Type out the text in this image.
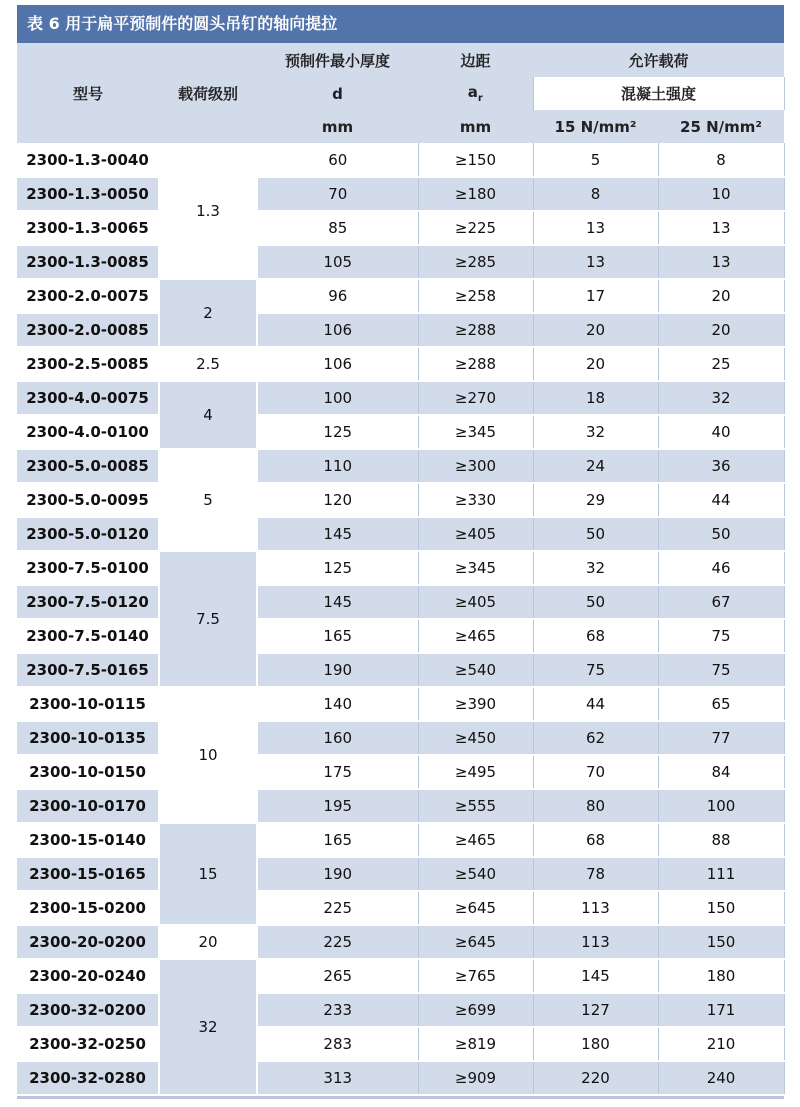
表 6 用于扁平预制件的圆头吊钉的轴向提拉
型号	载荷级别	预制件最小厚度	边距	允许载荷	
		d	$a_r$	混凝土强度	
		mm	mm	15 N/mm²	25 N/mm²
2300-1.3-0040	1.3	60	≥150	5	8
2300-1.3-0050		70	≥180	8	10
2300-1.3-0065		85	≥225	13	13
2300-1.3-0085		105	≥285	13	13
2300-2.0-0075	2	96	≥258	17	20
2300-2.0-0085		106	≥288	20	20
2300-2.5-0085	2.5	106	≥288	20	25
2300-4.0-0075	4	100	≥270	18	32
2300-4.0-0100		125	≥345	32	40
2300-5.0-0085	5	110	≥300	24	36
2300-5.0-0095		120	≥330	29	44
2300-5.0-0120		145	≥405	50	50
2300-7.5-0100	7.5	125	≥345	32	46
2300-7.5-0120		145	≥405	50	67
2300-7.5-0140		165	≥465	68	75
2300-7.5-0165		190	≥540	75	75
2300-10-0115	10	140	≥390	44	65
2300-10-0135		160	≥450	62	77
2300-10-0150		175	≥495	70	84
2300-10-0170		195	≥555	80	100
2300-15-0140	15	165	≥465	68	88
2300-15-0165		190	≥540	78	111
2300-15-0200		225	≥645	113	150
2300-20-0200	20	225	≥645	113	150
2300-20-0240	32	265	≥765	145	180
2300-32-0200		233	≥699	127	171
2300-32-0250		283	≥819	180	210
2300-32-0280		313	≥909	220	240
